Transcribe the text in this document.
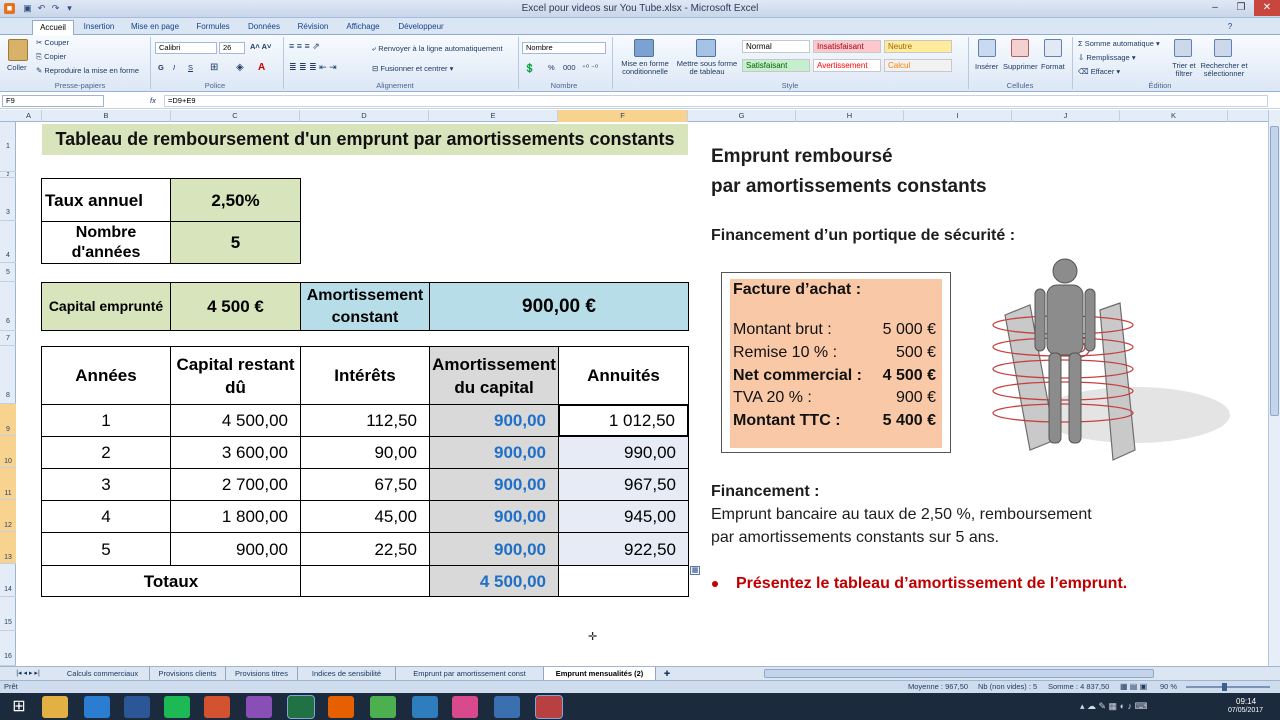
■	▣ ↶ ↷ ▾	Excel pour videos sur You Tube.xlsx - Microsoft Excel	‒	❐	✕
Accueil	Insertion	Mise en page	Formules	Données	Révision	Affichage	Développeur	?
Coller
✂ Couper
⎘ Copier
✎ Reproduire la mise en forme
Presse-papiers
Calibri	26	A˄ A˅
G I S ⊞ ◈ A
Police
≡ ≡ ≡ ⇗
≣ ≣ ≣ ⇤ ⇥
⤶ Renvoyer à la ligne automatiquement
⊟ Fusionner et centrer ▾
Alignement
Nombre
💲 % 000 ⁺⁰ ⁻⁰
Nombre
Mise en forme conditionnelle
Mettre sous forme de tableau
Normal	Insatisfaisant	Neutre
Satisfaisant	Avertissement	Calcul
Style
Insérer Supprimer Format
Cellules
Σ Somme automatique ▾
⇩ Remplissage ▾
⌫ Effacer ▾
Trier et filtrer
Rechercher et sélectionner
Édition
F9	fx	=D9+E9
A	B	C	D	E	F	G	H	I	J	K
1
2
3
4
5
6
7
8
9
10
11
12
13
14
15
16
Tableau de remboursement d'un emprunt par amortissements constants
Taux annuel	2,50%
Nombre d'années	5
Capital emprunté	4 500 €
Amortissement constant	900,00 €
Années
Capital restant dû
Intérêts
Amortissement du capital
Annuités
1	4 500,00	112,50	900,00	1 012,50
2	3 600,00	90,00	900,00	990,00
3	2 700,00	67,50	900,00	967,50
4	1 800,00	45,00	900,00	945,00
5	900,00	22,50	900,00	922,50
Totaux	4 500,00
▦
Emprunt remboursé
par amortissements constants
Financement d’un portique de sécurité :
Facture d’achat :
Montant brut :	5 000 €
Remise 10 % :	500 €
Net commercial : 4 500 €
TVA 20 % :	900 €
Montant TTC :	5 400 €
Financement :
Emprunt bancaire au taux de 2,50 %, remboursement
par amortissements constants sur 5 ans.
Présentez le tableau d’amortissement de l’emprunt.
✛
|◂ ◂ ▸ ▸|	Calculs commerciaux	Provisions clients	Provisions titres	Indices de sensibilité	Emprunt par amortissement const	Emprunt mensualités (2)	✚
Prêt	Moyenne : 967,50 Nb (non vides) : 5 Somme : 4 837,50 ▦ ▤ ▣ 90 %
⊞	▴ ☁ ✎ ▦ ◐ ♪ ⌨	09:14
07/05/2017
